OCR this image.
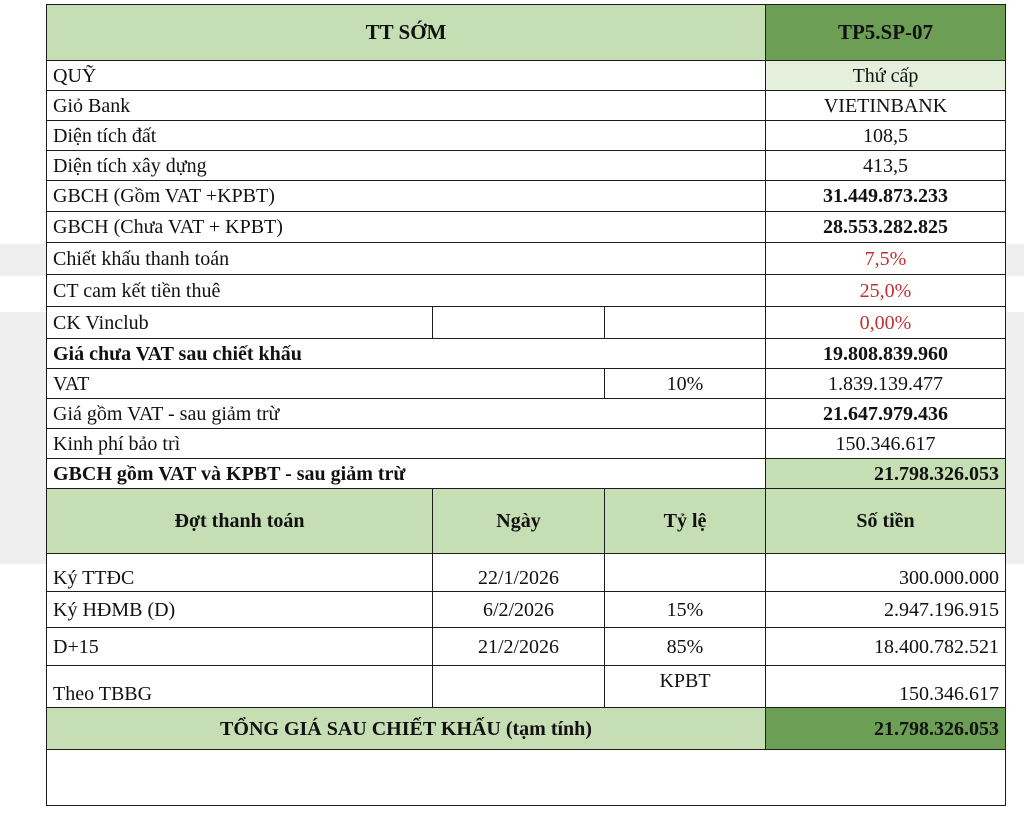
TT SỚM			TP5.SP-07
QUỸ			Thứ cấp
Giỏ Bank			VIETINBANK
Diện tích đất			108,5
Diện tích xây dựng			413,5
GBCH (Gồm VAT +KPBT)			31.449.873.233
GBCH (Chưa VAT + KPBT)			28.553.282.825
Chiết khấu thanh toán			7,5%
CT cam kết tiền thuê			25,0%
CK Vinclub			0,00%
Giá chưa VAT sau chiết khấu			19.808.839.960
VAT		10%	1.839.139.477
Giá gồm VAT - sau giảm trừ			21.647.979.436
Kinh phí bảo trì			150.346.617
GBCH gồm VAT và KPBT - sau giảm trừ			21.798.326.053
Đợt thanh toán	Ngày	Tỷ lệ	Số tiền
Ký TTĐC	22/1/2026		300.000.000
Ký HĐMB (D)	6/2/2026	15%	2.947.196.915
D+15	21/2/2026	85%	18.400.782.521
Theo TBBG		KPBT	150.346.617
TỔNG GIÁ SAU CHIẾT KHẤU (tạm tính)			21.798.326.053
